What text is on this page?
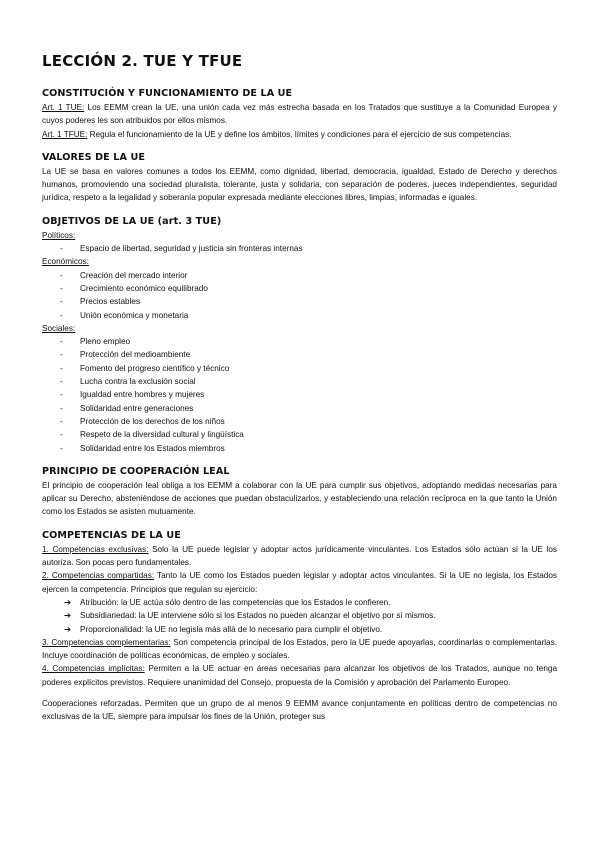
LECCIÓN 2. TUE Y TFUE
CONSTITUCIÓN Y FUNCIONAMIENTO DE LA UE

Art. 1 TUE: Los EEMM crean la UE, una unión cada vez más estrecha basada en los Tratados que sustituye a la Comunidad Europea y cuyos poderes les son atribuidos por ellos mismos.

Art. 1 TFUE: Regula el funcionamiento de la UE y define los ámbitos, límites y condiciones para el ejercicio de sus competencias.

VALORES DE LA UE

La UE se basa en valores comunes a todos los EEMM, como dignidad, libertad, democracia, igualdad, Estado de Derecho y derechos humanos, promoviendo una sociedad pluralista, tolerante, justa y solidaria, con separación de poderes, jueces independientes, seguridad jurídica, respeto a la legalidad y soberanía popular expresada mediante elecciones libres, limpias, informadas e iguales.

OBJETIVOS DE LA UE (art. 3 TUE)
Políticos:
- Espacio de libertad, seguridad y justicia sin fronteras internas
Económicos:
- Creación del mercado interior
- Crecimiento económico equilibrado
- Precios estables
- Unión económica y monetaria
Sociales:
- Pleno empleo
- Protección del medioambiente
- Fomento del progreso científico y técnico
- Lucha contra la exclusión social
- Igualdad entre hombres y mujeres
- Solidaridad entre generaciones
- Protección de los derechos de los niños
- Respeto de la diversidad cultural y lingüística
- Solidaridad entre los Estados miembros
PRINCIPIO DE COOPERACIÓN LEAL

El principio de cooperación leal obliga a los EEMM a colaborar con la UE para cumplir sus objetivos, adoptando medidas necesarias para aplicar su Derecho, absteniéndose de acciones que puedan obstaculizarlos, y estableciendo una relación recíproca en la que tanto la Unión como los Estados se asisten mutuamente.

COMPETENCIAS DE LA UE

1. Competencias exclusivas: Solo la UE puede legislar y adoptar actos jurídicamente vinculantes. Los Estados sólo actúan si la UE los autoriza. Son pocas pero fundamentales.

2. Competencias compartidas: Tanto la UE como los Estados pueden legislar y adoptar actos vinculantes. Si la UE no legisla, los Estados ejercen la competencia. Principios que regulan su ejercicio:

➔ Atribución: la UE actúa sólo dentro de las competencias que los Estados le confieren.
➔ Subsidiariedad: la UE interviene sólo si los Estados no pueden alcanzar el objetivo por sí mismos.
➔ Proporcionalidad: la UE no legisla más allá de lo necesario para cumplir el objetivo.

3. Competencias complementarias: Son competencia principal de los Estados, pero la UE puede apoyarlas, coordinarlas o complementarlas. Incluye coordinación de políticas económicas, de empleo y sociales.

4. Competencias implícitas: Permiten a la UE actuar en áreas necesarias para alcanzar los objetivos de los Tratados, aunque no tenga poderes explícitos previstos. Requiere unanimidad del Consejo, propuesta de la Comisión y aprobación del Parlamento Europeo.

Cooperaciones reforzadas. Permiten que un grupo de al menos 9 EEMM avance conjuntamente en políticas dentro de competencias no exclusivas de la UE, siempre para impulsar los fines de la Unión, proteger sus
